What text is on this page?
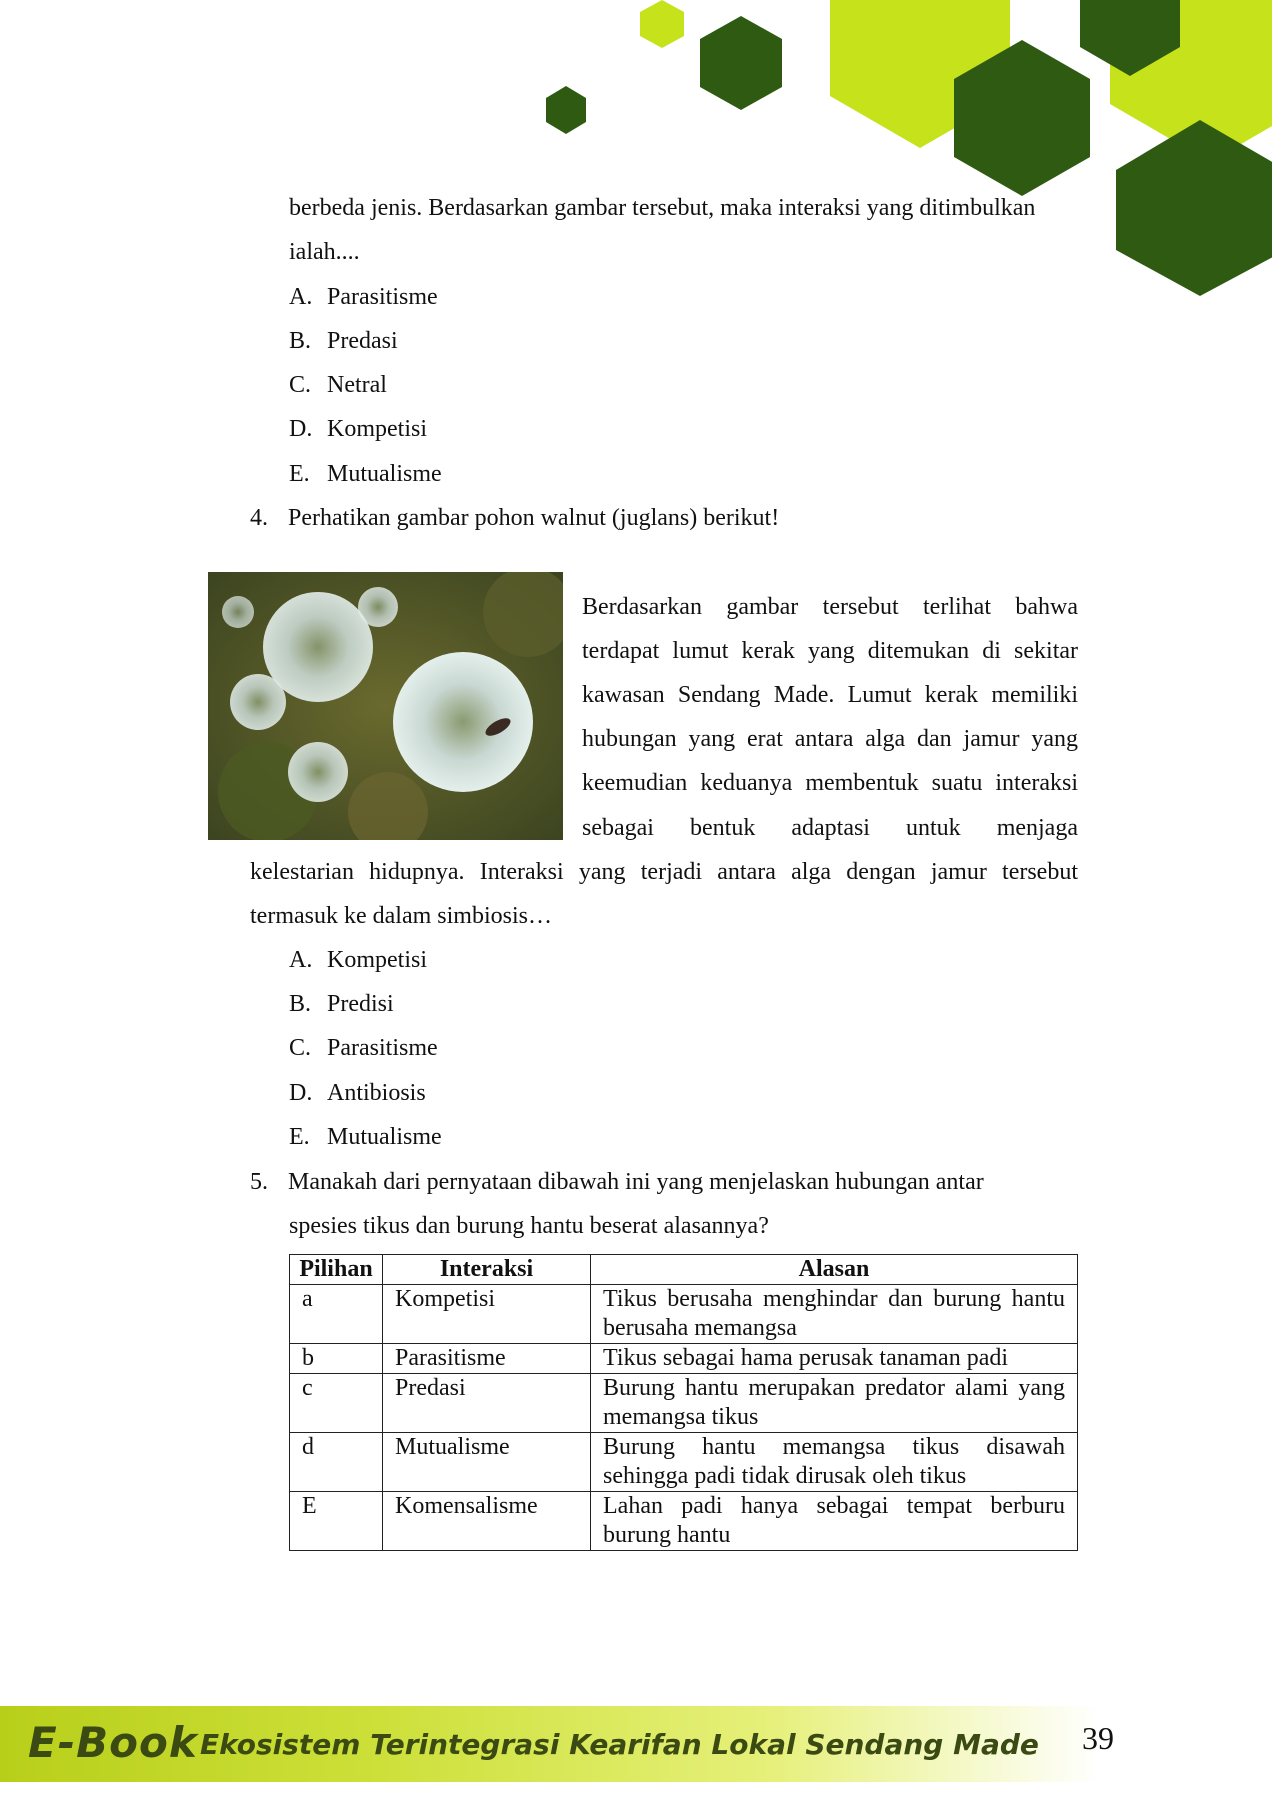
berbeda jenis. Berdasarkan gambar tersebut, maka interaksi yang ditimbulkan
ialah....
A. Parasitisme
B. Predasi
C. Netral
D. Kompetisi
E. Mutualisme
4. Perhatikan gambar pohon walnut (juglans) berikut!
Berdasarkan gambar tersebut terlihat bahwa
terdapat lumut kerak yang ditemukan di sekitar
kawasan Sendang Made. Lumut kerak memiliki
hubungan yang erat antara alga dan jamur yang
keemudian keduanya membentuk suatu interaksi
sebagai bentuk adaptasi untuk menjaga
kelestarian hidupnya. Interaksi yang terjadi antara alga dengan jamur tersebut
termasuk ke dalam simbiosis…
A. Kompetisi
B. Predisi
C. Parasitisme
D. Antibiosis
E. Mutualisme
5. Manakah dari pernyataan dibawah ini yang menjelaskan hubungan antar
spesies tikus dan burung hantu beserat alasannya?
Pilihan	Interaksi	Alasan
a	Kompetisi	Tikus berusaha menghindar dan burung hantu berusaha memangsa
b	Parasitisme	Tikus sebagai hama perusak tanaman padi
c	Predasi	Burung hantu merupakan predator alami yang memangsa tikus
d	Mutualisme	Burung hantu memangsa tikus disawah sehingga padi tidak dirusak oleh tikus
E	Komensalisme	Lahan padi hanya sebagai tempat berburu burung hantu
E-Book Ekosistem Terintegrasi Kearifan Lokal Sendang Made 39
